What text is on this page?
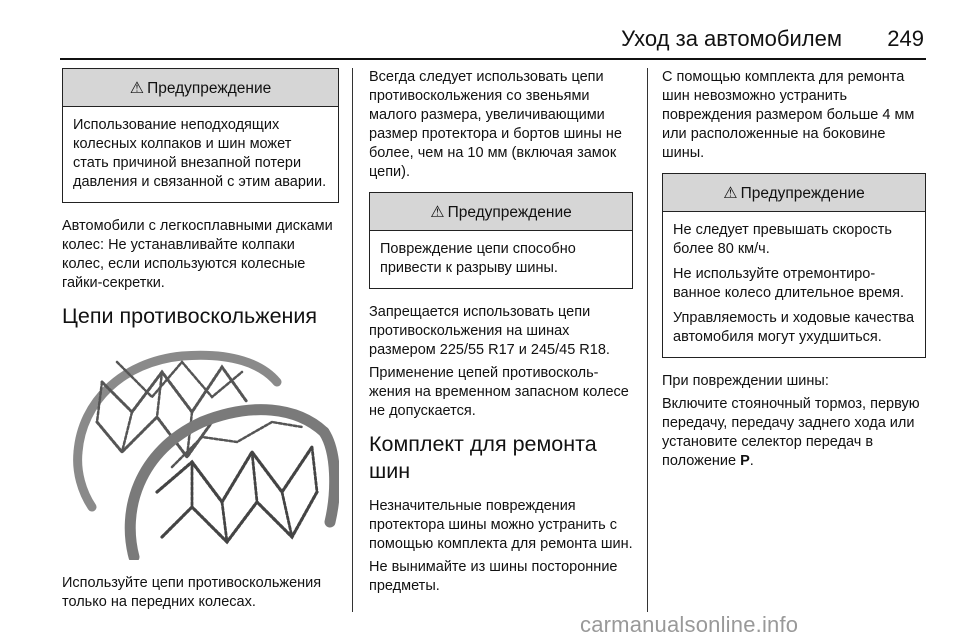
Уход за автомобилем 249
⚠ Предупреждение

Использование неподходящих колесных колпаков и шин может стать причиной внезапной потери давления и связанной с этим аварии.

Автомобили с легкосплавными дисками колес: Не устанавливайте колпаки колес, если используются колесные гайки-секретки.

Цепи противоскольжения

Используйте цепи противоскольжения только на передних колесах.

Всегда следует использовать цепи противоскольжения со звеньями малого размера, увеличивающими размер протектора и бортов шины не более, чем на 10 мм (включая замок цепи).

⚠ Предупреждение

Повреждение цепи способно привести к разрыву шины.

Запрещается использовать цепи противоскольжения на шинах размером 225/55 R17 и 245/45 R18.

Применение цепей противоскольжения на временном запасном колесе не допускается.

Комплект для ремонта шин

Незначительные повреждения протектора шины можно устранить с помощью комплекта для ремонта шин.

Не вынимайте из шины посторонние предметы.

С помощью комплекта для ремонта шин невозможно устранить повреждения размером больше 4 мм или расположенные на боковине шины.

⚠ Предупреждение

Не следует превышать скорость более 80 км/ч.

Не используйте отремонтированное колесо длительное время.

Управляемость и ходовые качества автомобиля могут ухудшиться.

При повреждении шины:

Включите стояночный тормоз, первую передачу, передачу заднего хода или установите селектор передач в положение P.

carmanualsonline.info
